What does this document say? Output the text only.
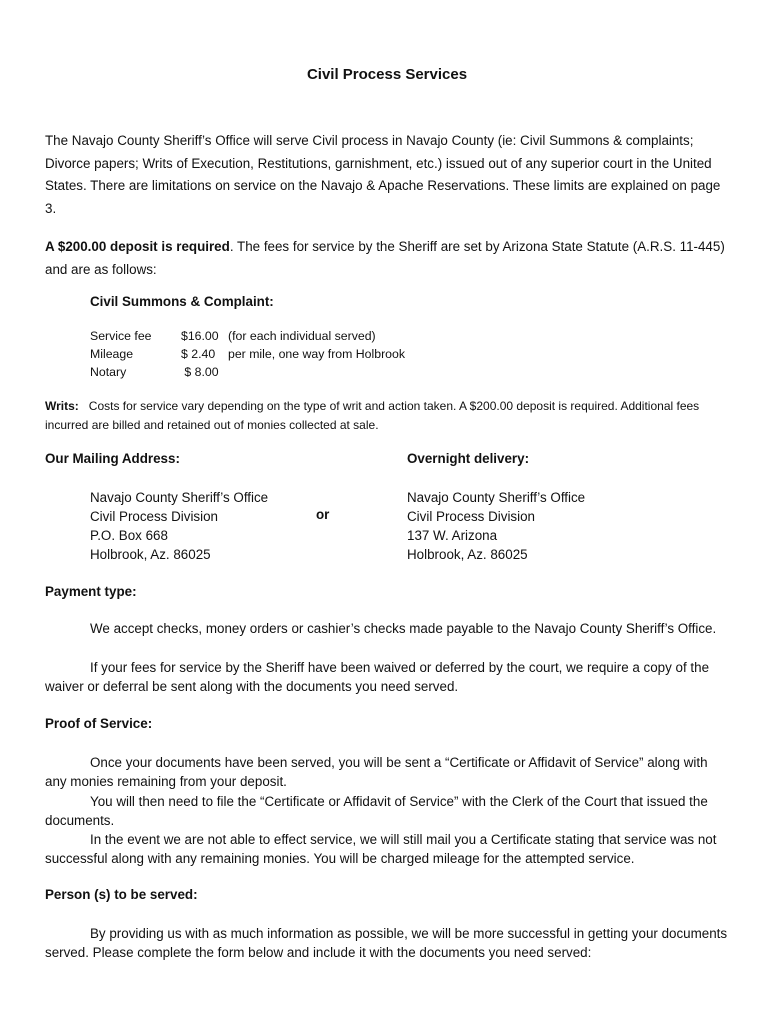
Civil Process Services
The Navajo County Sheriff’s Office will serve Civil process in Navajo County (ie: Civil Summons & complaints; Divorce papers; Writs of Execution, Restitutions, garnishment, etc.) issued out of any superior court in the United States. There are limitations on service on the Navajo & Apache Reservations. These limits are explained on page 3.
A $200.00 deposit is required. The fees for service by the Sheriff are set by Arizona State Statute (A.R.S. 11-445) and are as follows:
Civil Summons & Complaint:
Service fee $16.00 (for each individual served)
Mileage	$ 2.40 per mile, one way from Holbrook
Notary	$ 8.00
Writs: Costs for service vary depending on the type of writ and action taken. A $200.00 deposit is required. Additional fees incurred are billed and retained out of monies collected at sale.
Our Mailing Address:	Overnight delivery:
Navajo County Sheriff’s Office
Civil Process Division
P.O. Box 668
Holbrook, Az. 86025
or
Navajo County Sheriff’s Office
Civil Process Division
137 W. Arizona
Holbrook, Az. 86025
Payment type:
We accept checks, money orders or cashier’s checks made payable to the Navajo County Sheriff’s Office.
If your fees for service by the Sheriff have been waived or deferred by the court, we require a copy of the waiver or deferral be sent along with the documents you need served.
Proof of Service:
Once your documents have been served, you will be sent a “Certificate or Affidavit of Service” along with any monies remaining from your deposit.
You will then need to file the “Certificate or Affidavit of Service” with the Clerk of the Court that issued the documents.
In the event we are not able to effect service, we will still mail you a Certificate stating that service was not successful along with any remaining monies. You will be charged mileage for the attempted service.
Person (s) to be served:
By providing us with as much information as possible, we will be more successful in getting your documents served. Please complete the form below and include it with the documents you need served:
